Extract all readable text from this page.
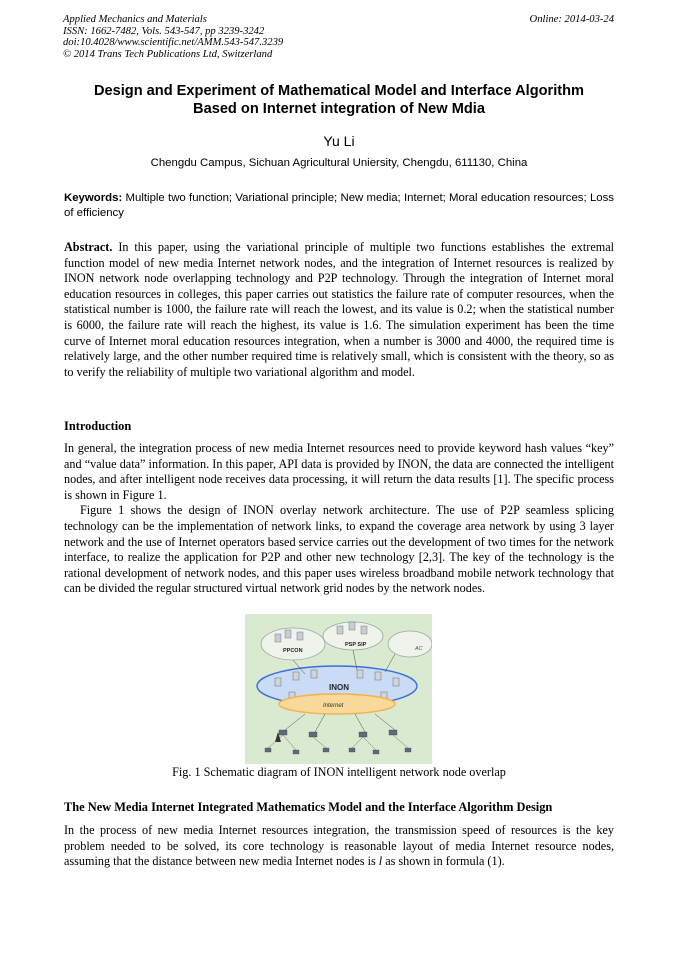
Applied Mechanics and Materials
ISSN: 1662-7482, Vols. 543-547, pp 3239-3242
doi:10.4028/www.scientific.net/AMM.543-547.3239
© 2014 Trans Tech Publications Ltd, Switzerland
Online: 2014-03-24
Design and Experiment of Mathematical Model and Interface Algorithm
Based on Internet integration of New Mdia
Yu Li
Chengdu Campus, Sichuan Agricultural Uniersity, Chengdu, 611130, China
Keywords: Multiple two function; Variational principle; New media; Internet; Moral education resources; Loss of efficiency
Abstract. In this paper, using the variational principle of multiple two functions establishes the extremal function model of new media Internet network nodes, and the integration of Internet resources is realized by INON network node overlapping technology and P2P technology. Through the integration of Internet moral education resources in colleges, this paper carries out statistics the failure rate of computer resources, when the statistical number is 1000, the failure rate will reach the lowest, and its value is 0.2; when the statistical number is 6000, the failure rate will reach the highest, its value is 1.6. The simulation experiment has been the time curve of Internet moral education resources integration, when a number is 3000 and 4000, the required time is relatively large, and the other number required time is relatively small, which is consistent with the theory, so as to verify the reliability of multiple two variational algorithm and model.
Introduction

In general, the integration process of new media Internet resources need to provide keyword hash values “key” and “value data” information. In this paper, API data is provided by INON, the data are connected the intelligent nodes, and after intelligent node receives data processing, it will return the data results [1]. The specific process is shown in Figure 1.

Figure 1 shows the design of INON overlay network architecture. The use of P2P seamless splicing technology can be the implementation of network links, to expand the coverage area network by using 3 layer network and the use of Internet operators based service carries out the development of two times for the network interface, to realize the application for P2P and other new technology [2,3]. The key of the technology is the rational development of network nodes, and this paper uses wireless broadband mobile network technology that can be divided the regular structured virtual network grid nodes by the network nodes.

PPCON
PSP SIP
AC
INON
Internet
Fig. 1 Schematic diagram of INON intelligent network node overlap
The New Media Internet Integrated Mathematics Model and the Interface Algorithm Design

In the process of new media Internet resources integration, the transmission speed of resources is the key problem needed to be solved, its core technology is reasonable layout of media Internet resource nodes, assuming that the distance between new media Internet nodes is l as shown in formula (1).
